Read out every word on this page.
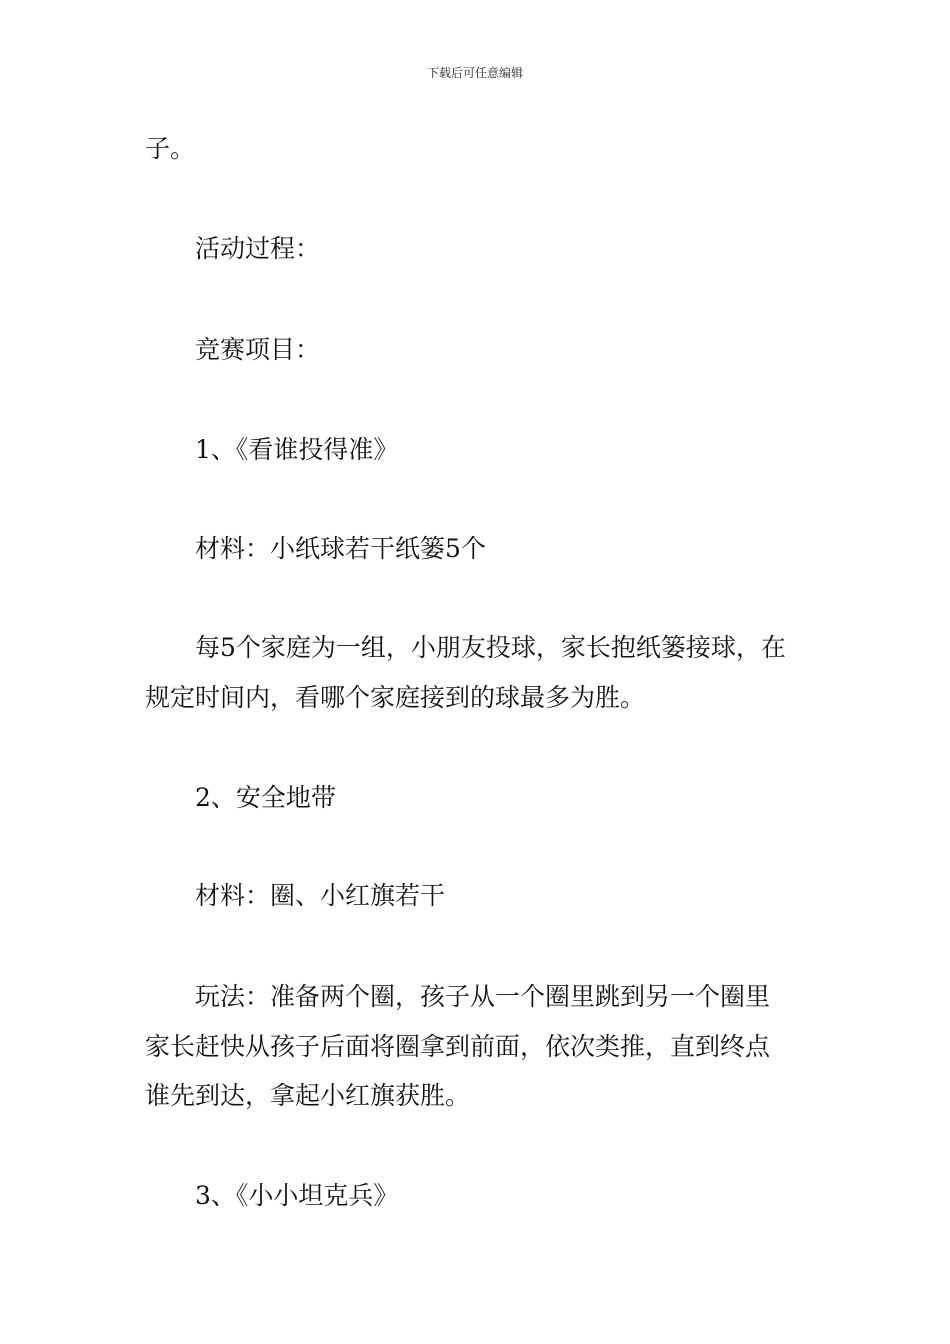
下载后可任意编辑
子。
活动过程：
竞赛项目：
1、《看谁投得准》
材料：小纸球若干纸篓5个
每5个家庭为一组，小朋友投球，家长抱纸篓接球，在
规定时间内，看哪个家庭接到的球最多为胜。
2、安全地带
材料：圈、小红旗若干
玩法：准备两个圈，孩子从一个圈里跳到另一个圈里
家长赶快从孩子后面将圈拿到前面，依次类推，直到终点
谁先到达，拿起小红旗获胜。
3、《小小坦克兵》
